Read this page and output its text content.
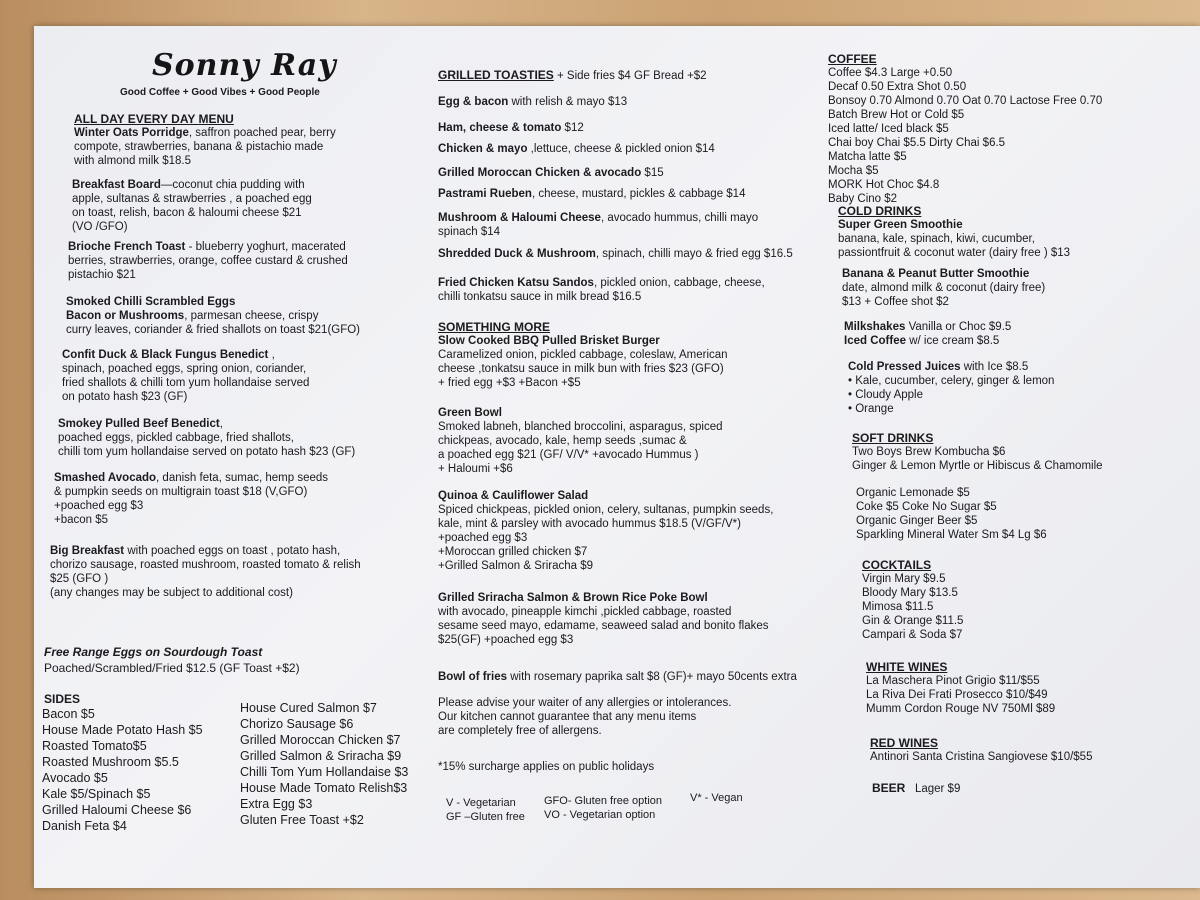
Sonny Ray
Good Coffee + Good Vibes + Good People
ALL DAY EVERY DAY MENU
Winter Oats Porridge, saffron poached pear, berry
compote, strawberries, banana & pistachio made
with almond milk $18.5
Breakfast Board—coconut chia pudding with
apple, sultanas & strawberries , a poached egg
on toast, relish, bacon & haloumi cheese $21
(VO /GFO)
Brioche French Toast - blueberry yoghurt, macerated
berries, strawberries, orange, coffee custard & crushed
pistachio $21
Smoked Chilli Scrambled Eggs
Bacon or Mushrooms, parmesan cheese, crispy
curry leaves, coriander & fried shallots on toast $21(GFO)
Confit Duck & Black Fungus Benedict ,
spinach, poached eggs, spring onion, coriander,
fried shallots & chilli tom yum hollandaise served
on potato hash $23 (GF)
Smokey Pulled Beef Benedict,
poached eggs, pickled cabbage, fried shallots,
chilli tom yum hollandaise served on potato hash $23 (GF)
Smashed Avocado, danish feta, sumac, hemp seeds
& pumpkin seeds on multigrain toast $18 (V,GFO)
+poached egg $3
+bacon $5
Big Breakfast with poached eggs on toast , potato hash,
chorizo sausage, roasted mushroom, roasted tomato & relish
$25 (GFO )
(any changes may be subject to additional cost)
Free Range Eggs on Sourdough Toast
Poached/Scrambled/Fried $12.5 (GF Toast +$2)
SIDES
Bacon $5
House Made Potato Hash $5
Roasted Tomato$5
Roasted Mushroom $5.5
Avocado $5
Kale $5/Spinach $5
Grilled Haloumi Cheese $6
Danish Feta $4
House Cured Salmon $7
Chorizo Sausage $6
Grilled Moroccan Chicken $7
Grilled Salmon & Sriracha $9
Chilli Tom Yum Hollandaise $3
House Made Tomato Relish$3
Extra Egg $3
Gluten Free Toast +$2
GRILLED TOASTIES + Side fries $4 GF Bread +$2
Egg & bacon with relish & mayo $13
Ham, cheese & tomato $12
Chicken & mayo ,lettuce, cheese & pickled onion $14
Grilled Moroccan Chicken & avocado $15
Pastrami Rueben, cheese, mustard, pickles & cabbage $14
Mushroom & Haloumi Cheese, avocado hummus, chilli mayo
spinach $14
Shredded Duck & Mushroom, spinach, chilli mayo & fried egg $16.5
Fried Chicken Katsu Sandos, pickled onion, cabbage, cheese,
chilli tonkatsu sauce in milk bread $16.5
SOMETHING MORE
Slow Cooked BBQ Pulled Brisket Burger
Caramelized onion, pickled cabbage, coleslaw, American
cheese ,tonkatsu sauce in milk bun with fries $23 (GFO)
+ fried egg +$3 +Bacon +$5
Green Bowl
Smoked labneh, blanched broccolini, asparagus, spiced
chickpeas, avocado, kale, hemp seeds ,sumac &
a poached egg $21 (GF/ V/V* +avocado Hummus )
+ Haloumi +$6
Quinoa & Cauliflower Salad
Spiced chickpeas, pickled onion, celery, sultanas, pumpkin seeds,
kale, mint & parsley with avocado hummus $18.5 (V/GF/V*)
+poached egg $3
+Moroccan grilled chicken $7
+Grilled Salmon & Sriracha $9
Grilled Sriracha Salmon & Brown Rice Poke Bowl
with avocado, pineapple kimchi ,pickled cabbage, roasted
sesame seed mayo, edamame, seaweed salad and bonito flakes
$25(GF) +poached egg $3
Bowl of fries with rosemary paprika salt $8 (GF)+ mayo 50cents extra
Please advise your waiter of any allergies or intolerances.
Our kitchen cannot guarantee that any menu items
are completely free of allergens.
*15% surcharge applies on public holidays
V - Vegetarian
GF –Gluten free
GFO- Gluten free option
VO - Vegetarian option
V* - Vegan
COFFEE
Coffee $4.3 Large +0.50
Decaf 0.50 Extra Shot 0.50
Bonsoy 0.70 Almond 0.70 Oat 0.70 Lactose Free 0.70
Batch Brew Hot or Cold $5
Iced latte/ Iced black $5
Chai boy Chai $5.5 Dirty Chai $6.5
Matcha latte $5
Mocha $5
MORK Hot Choc $4.8
Baby Cino $2
COLD DRINKS
Super Green Smoothie
banana, kale, spinach, kiwi, cucumber,
passiontfruit & coconut water (dairy free ) $13
Banana & Peanut Butter Smoothie
date, almond milk & coconut (dairy free)
$13 + Coffee shot $2
Milkshakes Vanilla or Choc $9.5
Iced Coffee w/ ice cream $8.5
Cold Pressed Juices with Ice $8.5
• Kale, cucumber, celery, ginger & lemon
• Cloudy Apple
• Orange
SOFT DRINKS
Two Boys Brew Kombucha $6
Ginger & Lemon Myrtle or Hibiscus & Chamomile
Organic Lemonade $5
Coke $5 Coke No Sugar $5
Organic Ginger Beer $5
Sparkling Mineral Water Sm $4 Lg $6
COCKTAILS
Virgin Mary $9.5
Bloody Mary $13.5
Mimosa $11.5
Gin & Orange $11.5
Campari & Soda $7
WHITE WINES
La Maschera Pinot Grigio $11/$55
La Riva Dei Frati Prosecco $10/$49
Mumm Cordon Rouge NV 750Ml $89
RED WINES
Antinori Santa Cristina Sangiovese $10/$55
BEER Lager $9
